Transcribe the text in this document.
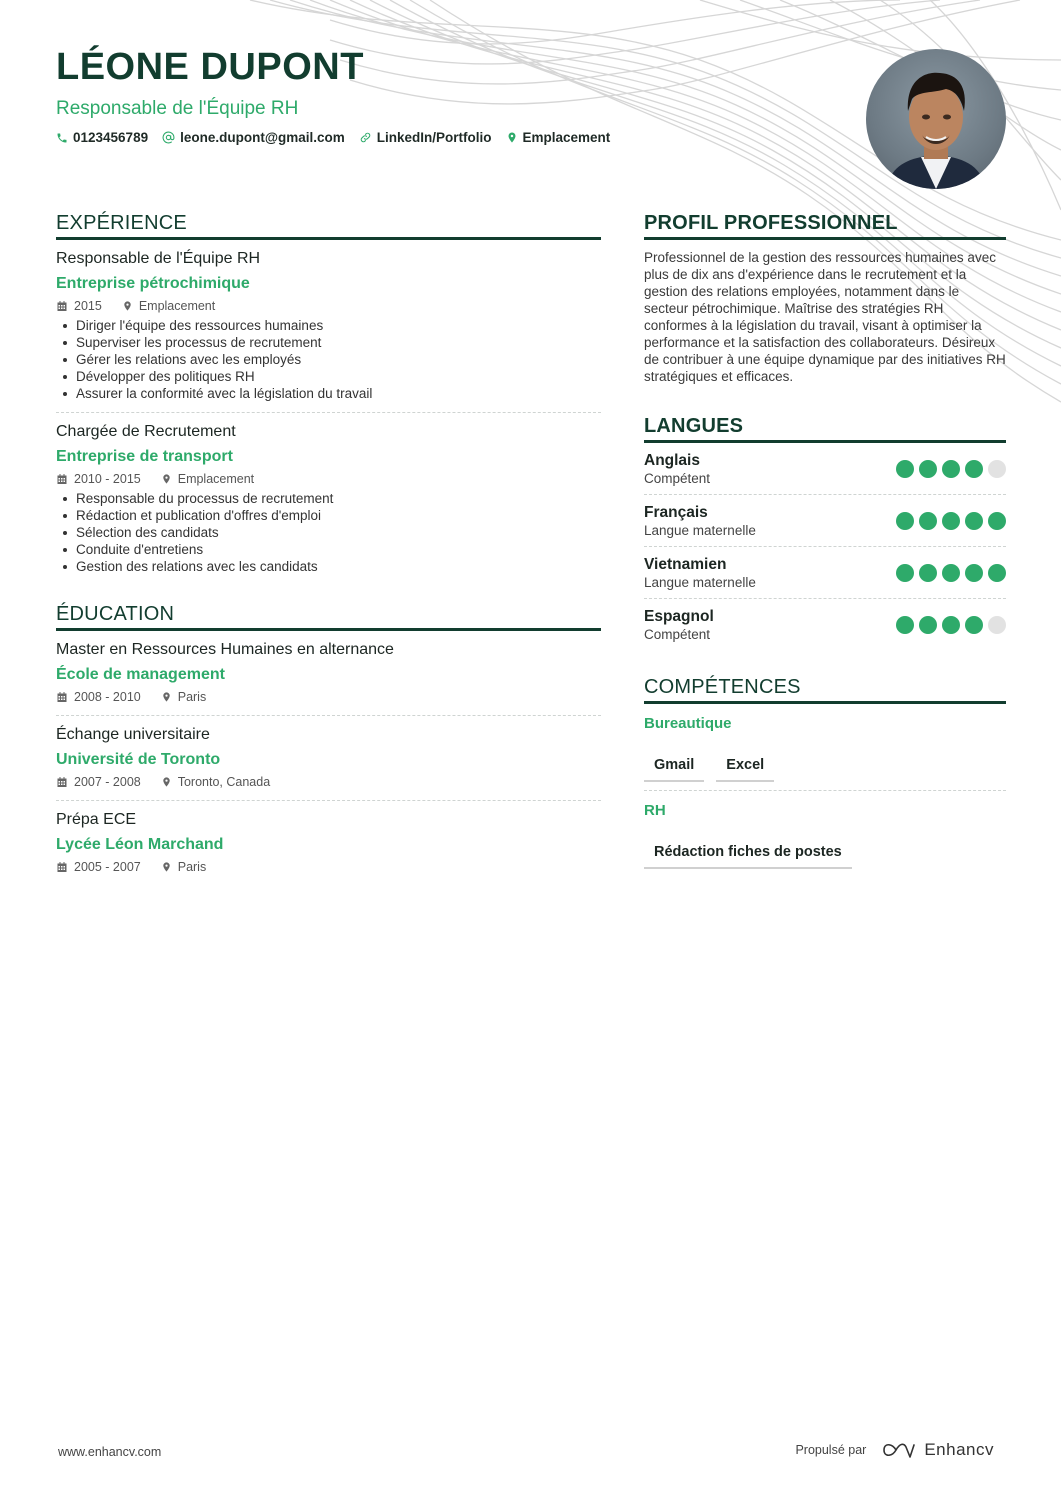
LÉONE DUPONT
Responsable de l'Équipe RH
0123456789 leone.dupont@gmail.com LinkedIn/Portfolio Emplacement
EXPÉRIENCE
Responsable de l'Équipe RH
Entreprise pétrochimique
2015	Emplacement
Diriger l'équipe des ressources humaines
Superviser les processus de recrutement
Gérer les relations avec les employés
Développer des politiques RH
Assurer la conformité avec la législation du travail
Chargée de Recrutement
Entreprise de transport
2010 - 2015	Emplacement
Responsable du processus de recrutement
Rédaction et publication d'offres d'emploi
Sélection des candidats
Conduite d'entretiens
Gestion des relations avec les candidats
ÉDUCATION
Master en Ressources Humaines en alternance
École de management
2008 - 2010	Paris
Échange universitaire
Université de Toronto
2007 - 2008	Toronto, Canada
Prépa ECE
Lycée Léon Marchand
2005 - 2007	Paris
PROFIL PROFESSIONNEL

Professionnel de la gestion des ressources humaines avec plus de dix ans d'expérience dans le recrutement et la gestion des relations employées, notamment dans le secteur pétrochimique. Maîtrise des stratégies RH conformes à la législation du travail, visant à optimiser la performance et la satisfaction des collaborateurs. Désireux de contribuer à une équipe dynamique par des initiatives RH stratégiques et efficaces.

LANGUES
Anglais
Compétent
Français
Langue maternelle
Vietnamien
Langue maternelle
Espagnol
Compétent
COMPÉTENCES
Bureautique
Gmail	Excel
RH
Rédaction fiches de postes
www.enhancv.com	Propulsé par	Enhancv
